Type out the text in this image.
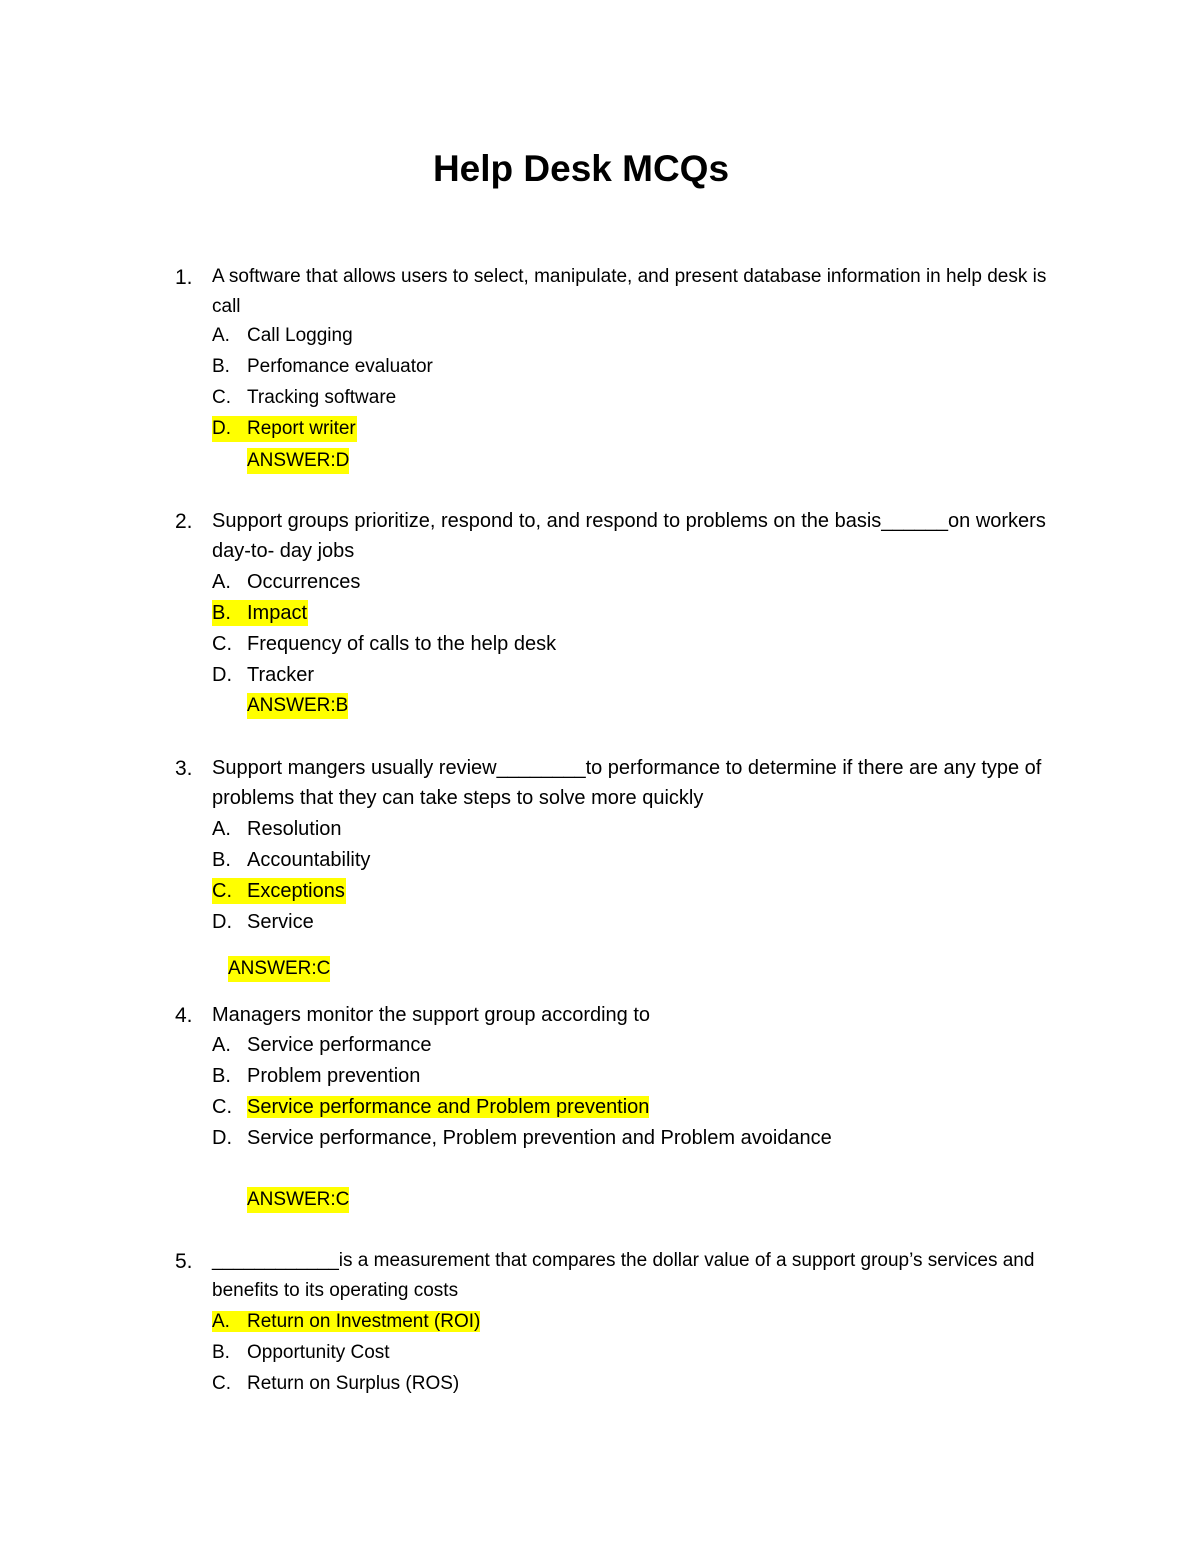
Help Desk MCQs
1. A software that allows users to select, manipulate, and present database information in help desk is call
A. Call Logging
B. Perfomance evaluator
C. Tracking software
D. Report writer
ANSWER:D
2. Support groups prioritize, respond to, and respond to problems on the basis______on workers day-to- day jobs
A. Occurrences
B. Impact
C. Frequency of calls to the help desk
D. Tracker
ANSWER:B
3. Support mangers usually review________to performance to determine if there are any type of problems that they can take steps to solve more quickly
A. Resolution
B. Accountability
C. Exceptions
D. Service
ANSWER:C
4. Managers monitor the support group according to
A. Service performance
B. Problem prevention
C. Service performance and Problem prevention
D. Service performance, Problem prevention and Problem avoidance
ANSWER:C
5. ____________is a measurement that compares the dollar value of a support group’s services and benefits to its operating costs
A. Return on Investment (ROI)
B. Opportunity Cost
C. Return on Surplus (ROS)
